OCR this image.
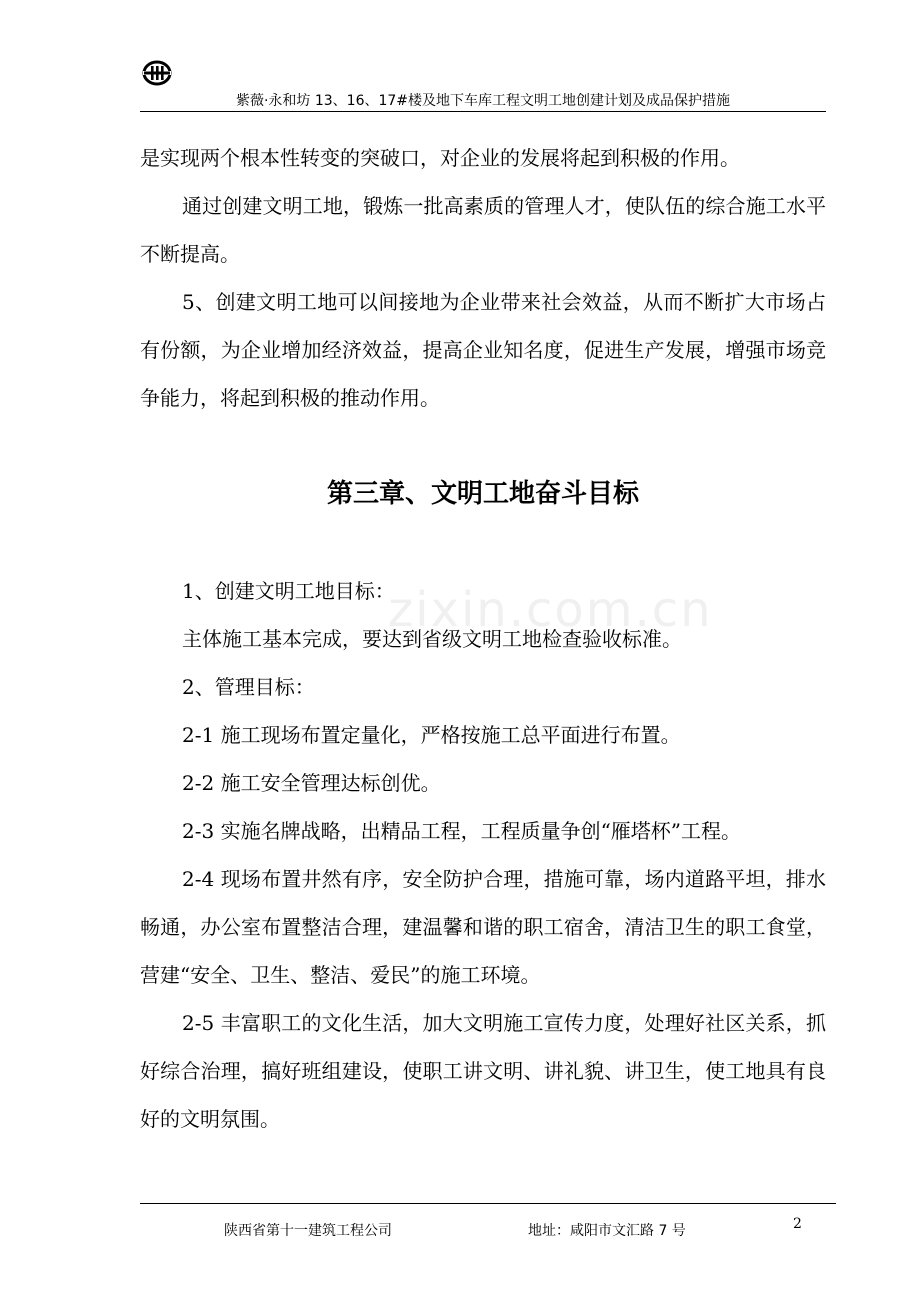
紫薇·永和坊 13、16、17#楼及地下车库工程文明工地创建计划及成品保护措施

是实现两个根本性转变的突破口，对企业的发展将起到积极的作用。

通过创建文明工地，锻炼一批高素质的管理人才，使队伍的综合施工水平不断提高。

5、创建文明工地可以间接地为企业带来社会效益，从而不断扩大市场占有份额，为企业增加经济效益，提高企业知名度，促进生产发展，增强市场竞争能力，将起到积极的推动作用。

第三章、文明工地奋斗目标
zixin.com.cn

1、创建文明工地目标：

主体施工基本完成，要达到省级文明工地检查验收标准。

2、管理目标：

2-1 施工现场布置定量化，严格按施工总平面进行布置。

2-2 施工安全管理达标创优。

2-3 实施名牌战略，出精品工程，工程质量争创“雁塔杯”工程。

2-4 现场布置井然有序，安全防护合理，措施可靠，场内道路平坦，排水畅通，办公室布置整洁合理，建温馨和谐的职工宿舍，清洁卫生的职工食堂，营建“安全、卫生、整洁、爱民”的施工环境。

2-5 丰富职工的文化生活，加大文明施工宣传力度，处理好社区关系，抓好综合治理，搞好班组建设，使职工讲文明、讲礼貌、讲卫生，使工地具有良好的文明氛围。

陕西省第十一建筑工程公司	地址：咸阳市文汇路 7 号	2
